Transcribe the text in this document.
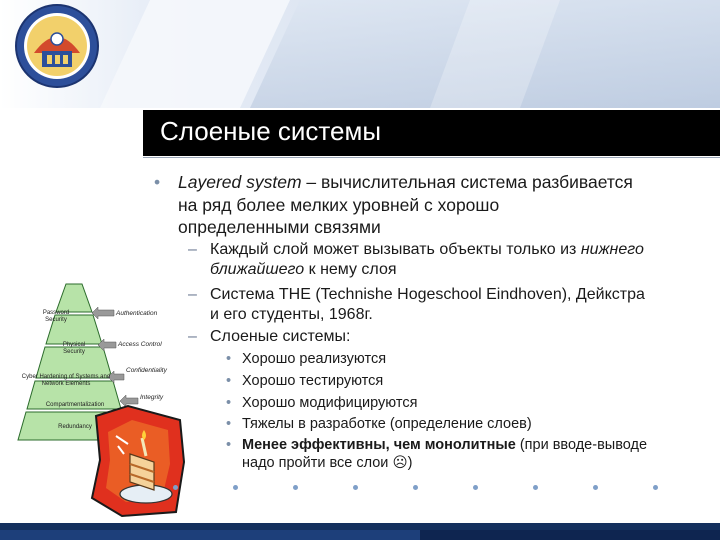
Слоеные системы
• Layered system – вычислительная система разбивается
на ряд более мелких уровней с хорошо
определенными связями
– Каждый слой может вызывать объекты только из нижнего
ближайшего к нему слоя
– Система THE (Technishe Hogeschool Eindhoven), Дейкстра
и его студенты, 1968г.
– Слоеные системы:
• Хорошо реализуются
• Хорошо тестируются
• Хорошо модифицируются
• Тяжелы в разработке (определение слоев)
• Менее эффективны, чем монолитные (при вводе-выводе
надо пройти все слои ☹)
Password Security
Physical Security
Cyber Hardening of Systems and Network Elements
Compartmentalization
Redundancy
Authentication
Access Control
Confidentiality
Integrity
